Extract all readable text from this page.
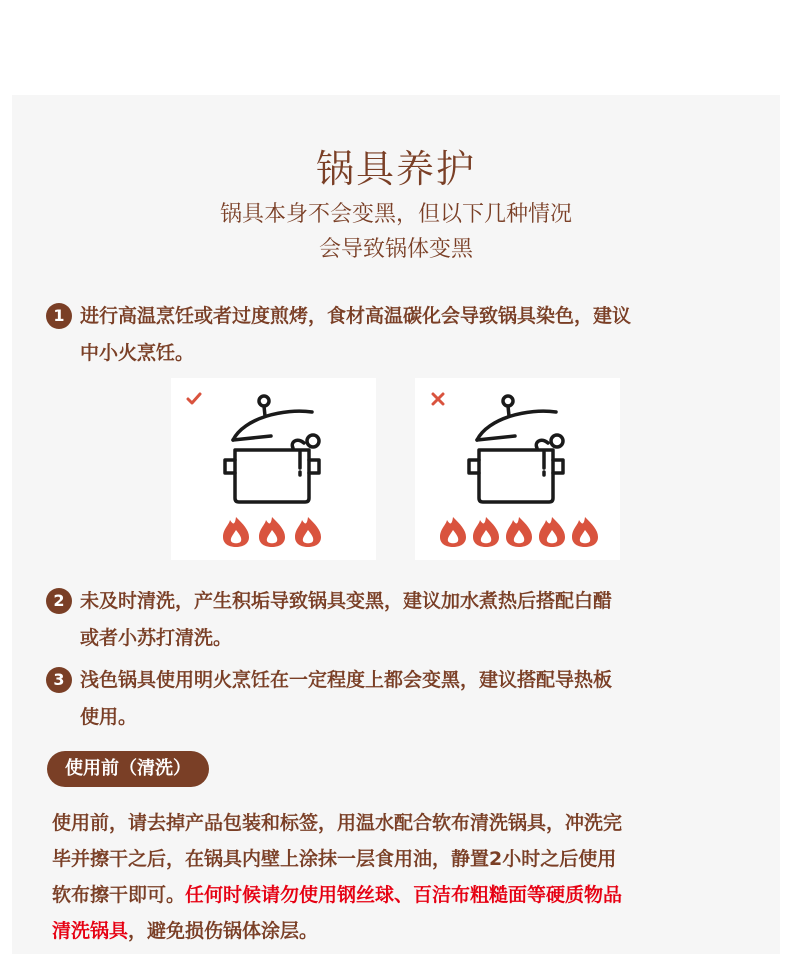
锅具养护
锅具本身不会变黑，但以下几种情况
会导致锅体变黑
1 进行高温烹饪或者过度煎烤，食材高温碳化会导致锅具染色，建议
中小火烹饪。
2 未及时清洗，产生积垢导致锅具变黑，建议加水煮热后搭配白醋
或者小苏打清洗。
3 浅色锅具使用明火烹饪在一定程度上都会变黑，建议搭配导热板
使用。
使用前（清洗）
使用前，请去掉产品包装和标签，用温水配合软布清洗锅具，冲洗完
毕并擦干之后，在锅具内壁上涂抹一层食用油，静置2小时之后使用
软布擦干即可。任何时候请勿使用钢丝球、百洁布粗糙面等硬质物品
清洗锅具，避免损伤锅体涂层。
